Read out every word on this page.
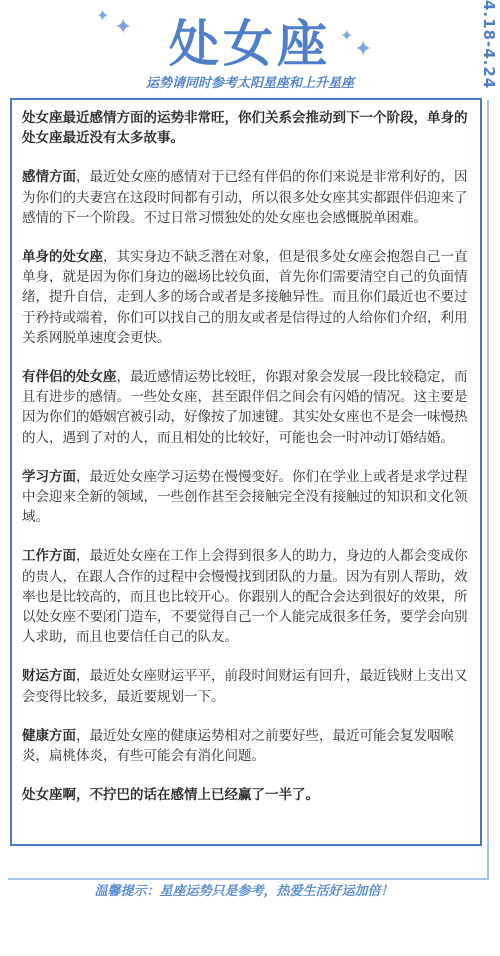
✦ ✦	✦
✦
处女座	4.18-4.24
运势请同时参考太阳星座和上升星座

处女座最近感情方面的运势非常旺，你们关系会推动到下一个阶段，单身的处女座最近没有太多故事。

感情方面，最近处女座的感情对于已经有伴侣的你们来说是非常利好的，因为你们的夫妻宫在这段时间都有引动，所以很多处女座其实都跟伴侣迎来了感情的下一个阶段。不过日常习惯独处的处女座也会感慨脱单困难。

单身的处女座，其实身边不缺乏潜在对象，但是很多处女座会抱怨自己一直单身，就是因为你们身边的磁场比较负面，首先你们需要清空自己的负面情绪，提升自信，走到人多的场合或者是多接触异性。而且你们最近也不要过于矜持或端着，你们可以找自己的朋友或者是信得过的人给你们介绍，利用关系网脱单速度会更快。

有伴侣的处女座，最近感情运势比较旺，你跟对象会发展一段比较稳定，而且有进步的感情。一些处女座，甚至跟伴侣之间会有闪婚的情况。这主要是因为你们的婚姻宫被引动，好像按了加速键。其实处女座也不是会一味慢热的人，遇到了对的人，而且相处的比较好，可能也会一时冲动订婚结婚。

学习方面，最近处女座学习运势在慢慢变好。你们在学业上或者是求学过程中会迎来全新的领域，一些创作甚至会接触完全没有接触过的知识和文化领域。

工作方面，最近处女座在工作上会得到很多人的助力，身边的人都会变成你的贵人，在跟人合作的过程中会慢慢找到团队的力量。因为有别人帮助，效率也是比较高的，而且也比较开心。你跟别人的配合会达到很好的效果，所以处女座不要闭门造车，不要觉得自己一个人能完成很多任务，要学会向别人求助，而且也要信任自己的队友。

财运方面，最近处女座财运平平，前段时间财运有回升，最近钱财上支出又会变得比较多，最近要规划一下。

健康方面，最近处女座的健康运势相对之前要好些，最近可能会复发咽喉炎，扁桃体炎，有些可能会有消化问题。

处女座啊，不拧巴的话在感情上已经赢了一半了。

温馨提示：星座运势只是参考，热爱生活好运加倍！
